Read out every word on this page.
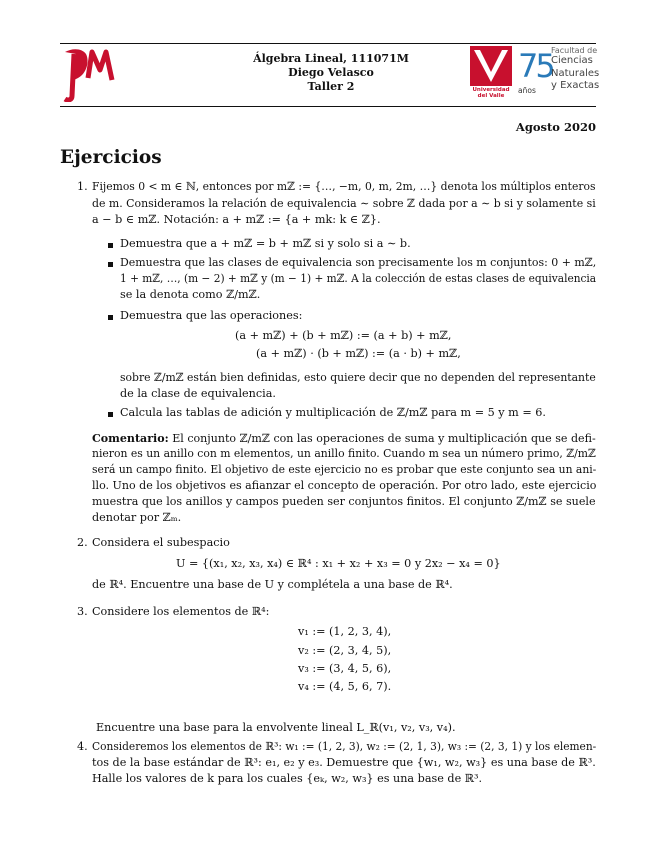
Álgebra Lineal, 111071M
Diego Velasco
Taller 2	Universidad
del Valle
75
años
Facultad de
Ciencias
Naturales
y Exactas
Agosto 2020
Ejercicios
1. Fijemos 0 < m ∈ ℕ, entonces por mℤ := {…, −m, 0, m, 2m, …} denota los múltiplos enteros
de m. Consideramos la relación de equivalencia ∼ sobre ℤ dada por a ∼ b si y solamente si
a − b ∈ mℤ. Notación: a + mℤ := {a + mk: k ∈ ℤ}.
Demuestra que a + mℤ = b + mℤ si y solo si a ∼ b.
Demuestra que las clases de equivalencia son precisamente los m conjuntos: 0 + mℤ,
1 + mℤ, …, (m − 2) + mℤ y (m − 1) + mℤ. A la colección de estas clases de equivalencia
se la denota como ℤ/mℤ.
Demuestra que las operaciones:
(a + mℤ) + (b + mℤ) := (a + b) + mℤ,
(a + mℤ) · (b + mℤ) := (a · b) + mℤ,
sobre ℤ/mℤ están bien definidas, esto quiere decir que no dependen del representante
de la clase de equivalencia.
Calcula las tablas de adición y multiplicación de ℤ/mℤ para m = 5 y m = 6.
Comentario: El conjunto ℤ/mℤ con las operaciones de suma y multiplicación que se defi-
nieron es un anillo con m elementos, un anillo finito. Cuando m sea un número primo, ℤ/mℤ
será un campo finito. El objetivo de este ejercicio no es probar que este conjunto sea un ani-
llo. Uno de los objetivos es afianzar el concepto de operación. Por otro lado, este ejercicio
muestra que los anillos y campos pueden ser conjuntos finitos. El conjunto ℤ/mℤ se suele
denotar por ℤₘ.
2. Considera el subespacio
U = {(x₁, x₂, x₃, x₄) ∈ ℝ⁴ : x₁ + x₂ + x₃ = 0 y 2x₂ − x₄ = 0}
de ℝ⁴. Encuentre una base de U y complétela a una base de ℝ⁴.
3. Considere los elementos de ℝ⁴:
v₁ := (1, 2, 3, 4),
v₂ := (2, 3, 4, 5),
v₃ := (3, 4, 5, 6),
v₄ := (4, 5, 6, 7).
Encuentre una base para la envolvente lineal L_ℝ(v₁, v₂, v₃, v₄).
4. Consideremos los elementos de ℝ³: w₁ := (1, 2, 3), w₂ := (2, 1, 3), w₃ := (2, 3, 1) y los elemen-
tos de la base estándar de ℝ³: e₁, e₂ y e₃. Demuestre que {w₁, w₂, w₃} es una base de ℝ³.
Halle los valores de k para los cuales {eₖ, w₂, w₃} es una base de ℝ³.
